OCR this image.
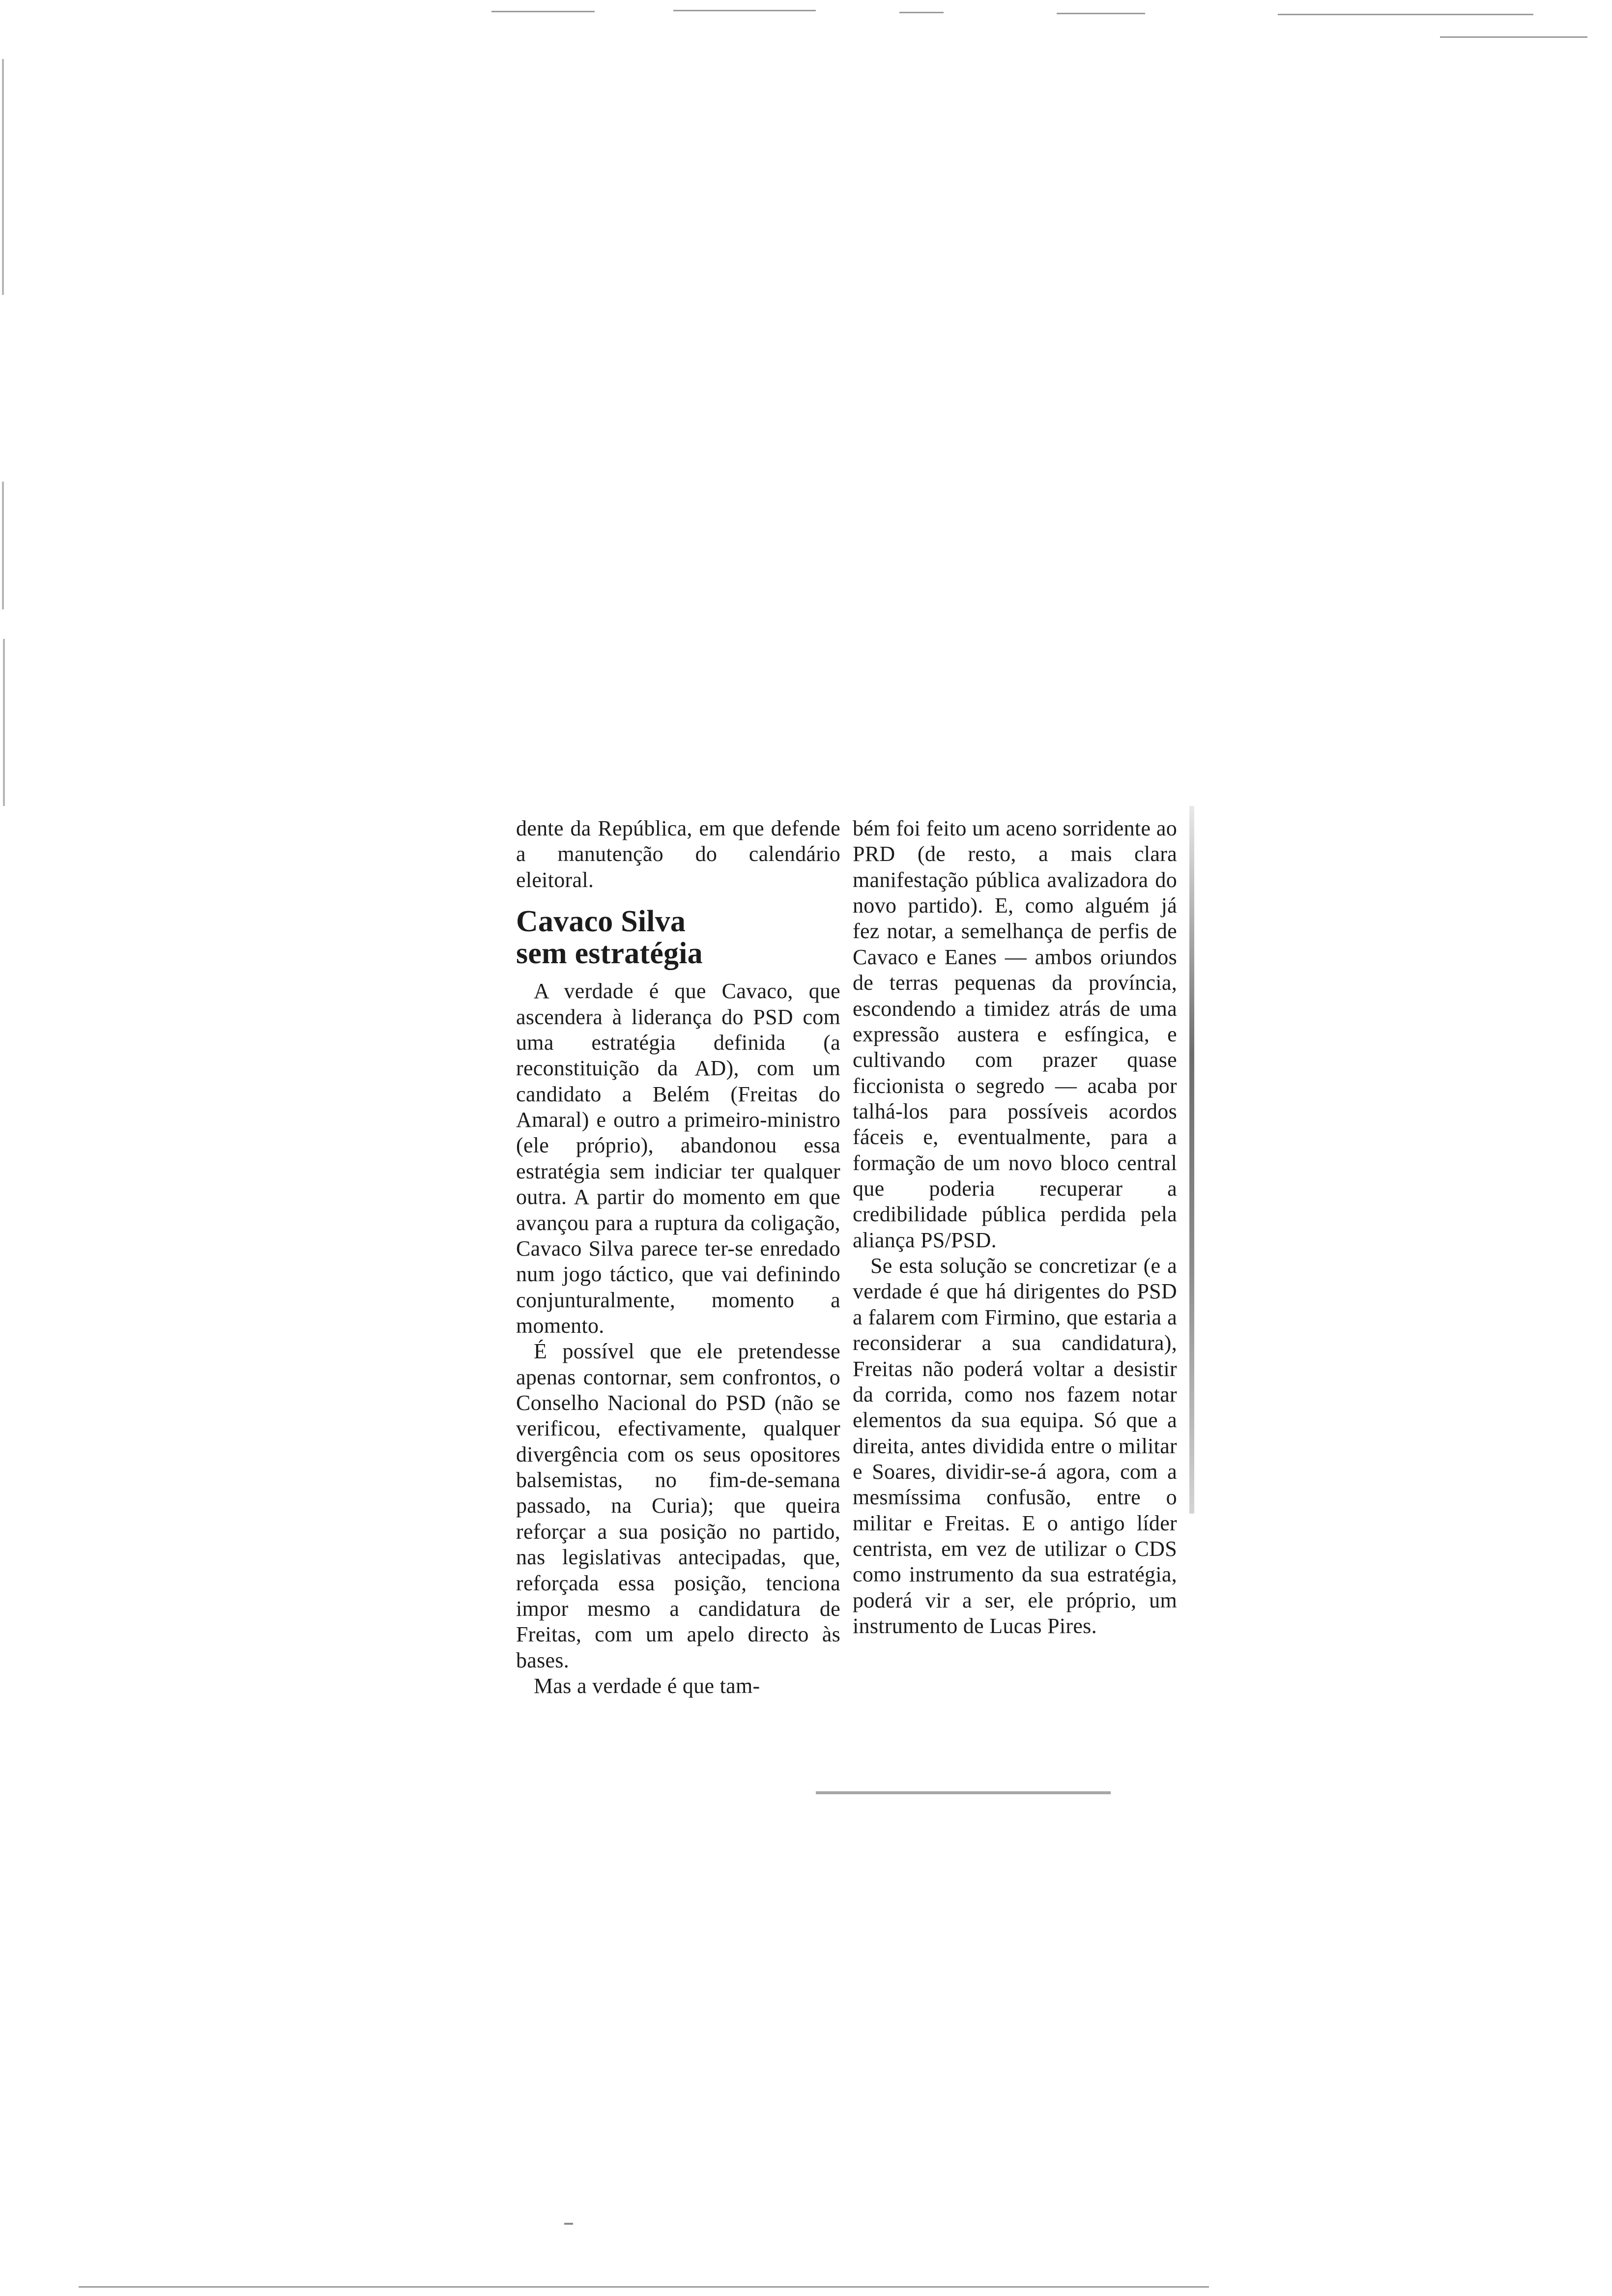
dente da República, em que defende a manutenção do calendário eleitoral.

Cavaco Silva
sem estratégia

A verdade é que Cavaco, que ascendera à liderança do PSD com uma estratégia definida (a reconstituição da AD), com um candidato a Belém (Freitas do Amaral) e outro a primeiro-ministro (ele próprio), abandonou essa estratégia sem indiciar ter qualquer outra. A partir do momento em que avançou para a ruptura da coligação, Cavaco Silva parece ter-se enredado num jogo táctico, que vai definindo conjunturalmente, momento a momento.

É possível que ele pretendesse apenas contornar, sem confrontos, o Conselho Nacional do PSD (não se verificou, efectivamente, qualquer divergência com os seus opositores balsemistas, no fim-de-semana passado, na Curia); que queira reforçar a sua posição no partido, nas legislativas antecipadas, que, reforçada essa posição, tenciona impor mesmo a candidatura de Freitas, com um apelo directo às bases.

Mas a verdade é que tam-

bém foi feito um aceno sorridente ao PRD (de resto, a mais clara manifestação pública avalizadora do novo partido). E, como alguém já fez notar, a semelhança de perfis de Cavaco e Eanes — ambos oriundos de terras pequenas da província, escondendo a timidez atrás de uma expressão austera e esfíngica, e cultivando com prazer quase ficcionista o segredo — acaba por talhá-los para possíveis acordos fáceis e, eventualmente, para a formação de um novo bloco central que poderia recuperar a credibilidade pública perdida pela aliança PS/PSD.

Se esta solução se concretizar (e a verdade é que há dirigentes do PSD a falarem com Firmino, que estaria a reconsiderar a sua candidatura), Freitas não poderá voltar a desistir da corrida, como nos fazem notar elementos da sua equipa. Só que a direita, antes dividida entre o militar e Soares, dividir-se-á agora, com a mesmíssima confusão, entre o militar e Freitas. E o antigo líder centrista, em vez de utilizar o CDS como instrumento da sua estratégia, poderá vir a ser, ele próprio, um instrumento de Lucas Pires.
